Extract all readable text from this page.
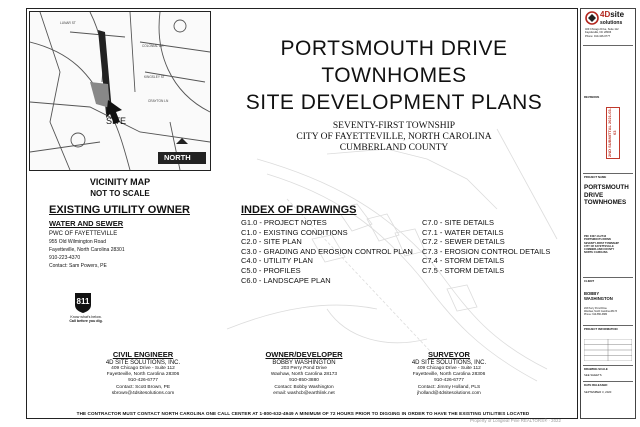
COLONIAL DR
KINGSLEY ST
CRAYTON LN
LUNAR ST
SITE
NORTH
VICINITY MAP
NOT TO SCALE
PORTSMOUTH DRIVE
TOWNHOMES
SITE DEVELOPMENT PLANS
SEVENTY-FIRST TOWNSHIP
CITY OF FAYETTEVILLE, NORTH CAROLINA
CUMBERLAND COUNTY
EXISTING UTILITY OWNER
WATER AND SEWER
PWC OF FAYETTEVILLE
955 Old Wilmington Road
Fayetteville, North Carolina 28301
910-223-4370
Contact: Sam Powers, PE
811
Know what's below.
Call before you dig.
INDEX OF DRAWINGS
G1.0 - PROJECT NOTES
C1.0 - EXISTING CONDITIONS
C2.0 - SITE PLAN
C3.0 - GRADING AND EROSION CONTROL PLAN
C4.0 - UTILITY PLAN
C5.0 - PROFILES
C6.0 - LANDSCAPE PLAN
C7.0 - SITE DETAILS
C7.1 - WATER DETAILS
C7.2 - SEWER DETAILS
C7.3 - EROSION CONTROL DETAILS
C7.4 - STORM DETAILS
C7.5 - STORM DETAILS
CIVIL ENGINEER
4D SITE SOLUTIONS, INC.
409 Chicago Drive - Suite 112
Fayetteville, North Carolina 28306
910-426-6777
Contact: Scott Brown, PE
sbrown@4dsitesolutions.com
OWNER/DEVELOPER
BOBBY WASHINGTON
203 Perry Pond Drive
Waxhaw, North Carolina 28173
910-850-3880
Contact: Bobby Washington
email: washcb@earthlink.net
SURVEYOR
4D SITE SOLUTIONS, INC.
409 Chicago Drive - Suite 112
Fayetteville, North Carolina 28306
910-426-6777
Contact: Jimmy Holland, PLS
jholland@4dsitesolutions.com
THE CONTRACTOR MUST CONTACT NORTH CAROLINA ONE CALL CENTER AT 1-800-632-4949 A MINIMUM OF 72 HOURS PRIOR TO DIGGING IN ORDER TO HAVE THE EXISTING UTILITIES LOCATED
4Dsite
solutions
409 Chicago Drive, Suite 112
Fayetteville, NC 28306
Phone: 910-426-6777
REVISIONS
2ND SUBMITTAL 2021-03-03
PROJECT NAME
PORTSMOUTH
DRIVE
TOWNHOMES
PIN: 0407-13-2743
PORTSMOUTH DRIVE
SEVENTY-FIRST TOWNSHIP
CITY OF FAYETTEVILLE
CUMBERLAND COUNTY
NORTH CAROLINA
CLIENT
BOBBY
WASHINGTON
203 Perry Pond Drive
Waxhaw, North Carolina 28173
Phone: 910-850-3880
PROJECT INFORMATION
DRAWING SCALE
SEE SHEETS
DATE RELEASED
SEPTEMBER 3, 2020
Property of Longleaf Pine REALTORS® · 2022
